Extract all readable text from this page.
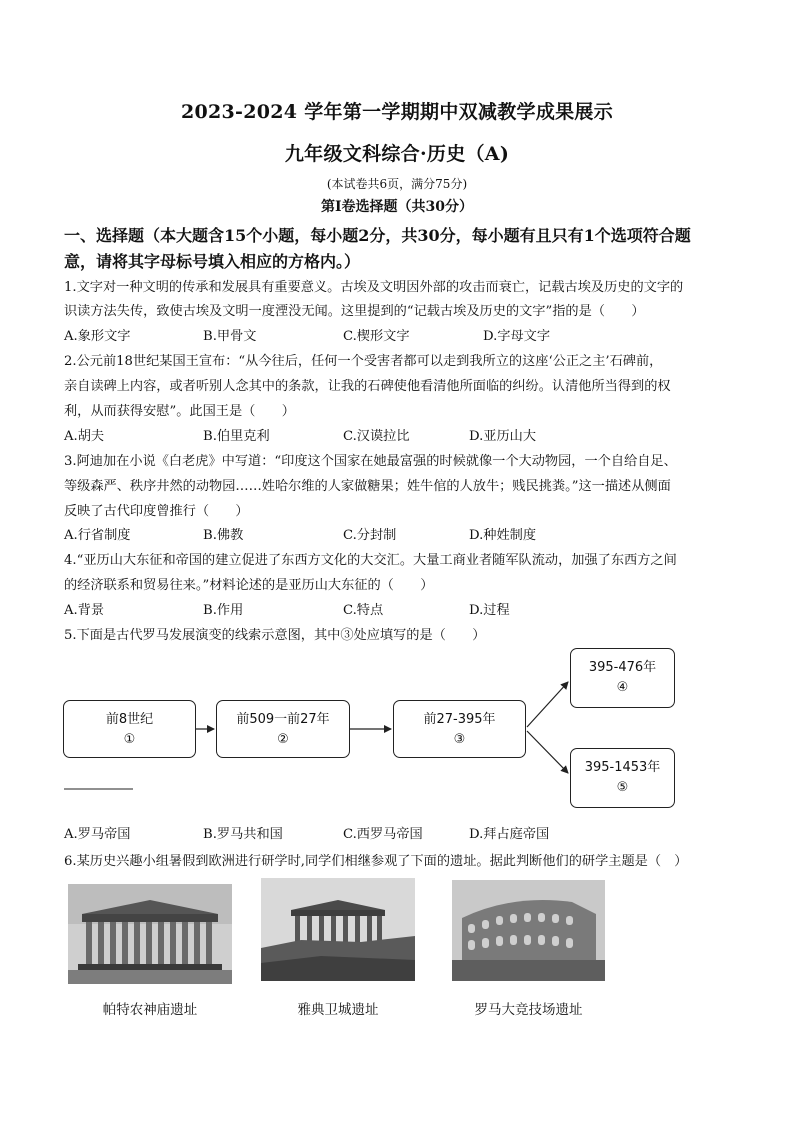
2023-2024 学年第一学期期中双减教学成果展示
九年级文科综合·历史（A)
(本试卷共6页，满分75分)
第Ⅰ卷选择题（共30分）
一、选择题（本大题含15个小题，每小题2分，共30分，每小题有且只有1个选项符合题
意，请将其字母标号填入相应的方格内。）
1.文字对一种文明的传承和发展具有重要意义。古埃及文明因外部的攻击而衰亡，记载古埃及历史的文字的
识读方法失传，致使古埃及文明一度湮没无闻。这里提到的“记载古埃及历史的文字”指的是（　　）
A.象形文字	B.甲骨文	C.楔形文字	D.字母文字
2.公元前18世纪某国王宣布：“从今往后，任何一个受害者都可以走到我所立的这座‘公正之主’石碑前，
亲自读碑上内容，或者听别人念其中的条款，让我的石碑使他看清他所面临的纠纷。认清他所当得到的权
利，从而获得安慰”。此国王是（　　）
A.胡夫	B.伯里克利	C.汉谟拉比	D.亚历山大
3.阿迪加在小说《白老虎》中写道：“印度这个国家在她最富强的时候就像一个大动物园，一个自给自足、
等级森严、秩序井然的动物园……姓哈尔维的人家做糖果；姓牛倌的人放牛；贱民挑粪。”这一描述从侧面
反映了古代印度曾推行（　　）
A.行省制度	B.佛教	C.分封制	D.种姓制度
4.“亚历山大东征和帝国的建立促进了东西方文化的大交汇。大量工商业者随军队流动，加强了东西方之间
的经济联系和贸易往来。”材料论述的是亚历山大东征的（　　）
A.背景	B.作用	C.特点	D.过程
5.下面是古代罗马发展演变的线索示意图，其中③处应填写的是（　　）
前8世纪
①
前509一前27年
②
前27-395年
③
395-476年
④
395-1453年
⑤
A.罗马帝国	B.罗马共和国	C.西罗马帝国	D.拜占庭帝国
6.某历史兴趣小组暑假到欧洲进行研学时,同学们相继参观了下面的遗址。据此判断他们的研学主题是（　）
帕特农神庙遗址	雅典卫城遗址	罗马大竞技场遗址
